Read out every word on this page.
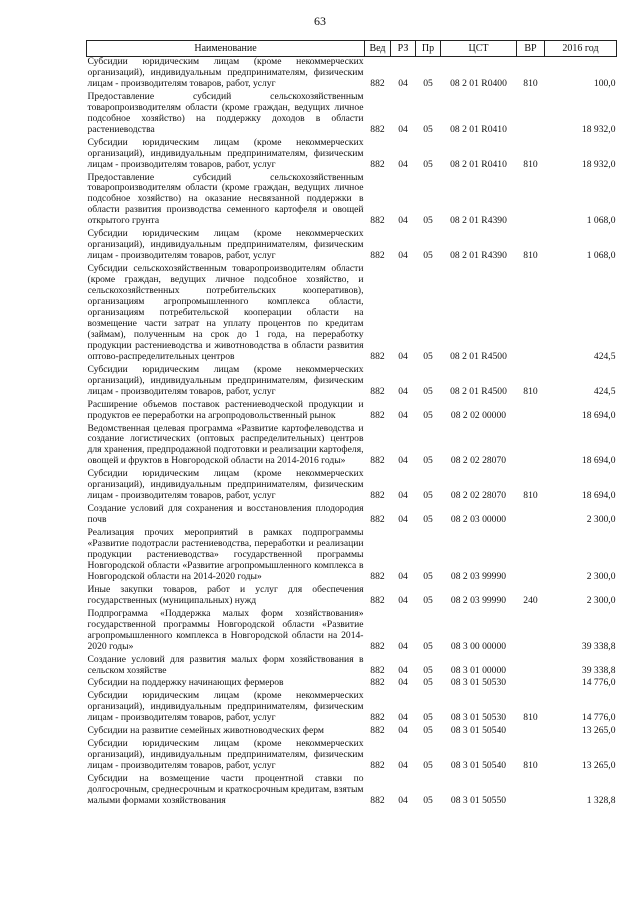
63
Наименование	Вед	РЗ	Пр	ЦСТ	ВР	2016 год
Субсидии юридическим лицам (кроме некоммерческих организаций), индивидуальным предпринимателям, физическим лицам - производителям товаров, работ, услуг	882	04	05	08 2 01 R0400	810	100,0
Предоставление субсидий сельскохозяйственным товаропроизводителям области (кроме граждан, ведущих личное подсобное хозяйство) на поддержку доходов в области растениеводства	882	04	05	08 2 01 R0410		18 932,0
Субсидии юридическим лицам (кроме некоммерческих организаций), индивидуальным предпринимателям, физическим лицам - производителям товаров, работ, услуг	882	04	05	08 2 01 R0410	810	18 932,0
Предоставление субсидий сельскохозяйственным товаропроизводителям области (кроме граждан, ведущих личное подсобное хозяйство) на оказание несвязанной поддержки в области развития производства семенного картофеля и овощей открытого грунта	882	04	05	08 2 01 R4390		1 068,0
Субсидии юридическим лицам (кроме некоммерческих организаций), индивидуальным предпринимателям, физическим лицам - производителям товаров, работ, услуг	882	04	05	08 2 01 R4390	810	1 068,0
Субсидии сельскохозяйственным товаропроизводителям области (кроме граждан, ведущих личное подсобное хозяйство, и сельскохозяйственных потребительских кооперативов), организациям агропромышленного комплекса области, организациям потребительской кооперации области на возмещение части затрат на уплату процентов по кредитам (займам), полученным на срок до 1 года, на переработку продукции растениеводства и животноводства в области развития оптово-распределительных центров	882	04	05	08 2 01 R4500		424,5
Субсидии юридическим лицам (кроме некоммерческих организаций), индивидуальным предпринимателям, физическим лицам - производителям товаров, работ, услуг	882	04	05	08 2 01 R4500	810	424,5
Расширение объемов поставок растениеводческой продукции и продуктов ее переработки на агропродовольственный рынок	882	04	05	08 2 02 00000		18 694,0
Ведомственная целевая программа «Развитие картофелеводства и создание логистических (оптовых распределительных) центров для хранения, предпродажной подготовки и реализации картофеля, овощей и фруктов в Новгородской области на 2014-2016 годы»	882	04	05	08 2 02 28070		18 694,0
Субсидии юридическим лицам (кроме некоммерческих организаций), индивидуальным предпринимателям, физическим лицам - производителям товаров, работ, услуг	882	04	05	08 2 02 28070	810	18 694,0
Создание условий для сохранения и восстановления плодородия почв	882	04	05	08 2 03 00000		2 300,0
Реализация прочих мероприятий в рамках подпрограммы «Развитие подотрасли растениеводства, переработки и реализации продукции растениеводства» государственной программы Новгородской области «Развитие агропромышленного комплекса в Новгородской области на 2014-2020 годы»	882	04	05	08 2 03 99990		2 300,0
Иные закупки товаров, работ и услуг для обеспечения государственных (муниципальных) нужд	882	04	05	08 2 03 99990	240	2 300,0
Подпрограмма «Поддержка малых форм хозяйствования» государственной программы Новгородской области «Развитие агропромышленного комплекса в Новгородской области на 2014-2020 годы»	882	04	05	08 3 00 00000		39 338,8
Создание условий для развития малых форм хозяйствования в сельском хозяйстве	882	04	05	08 3 01 00000		39 338,8
Субсидии на поддержку начинающих фермеров	882	04	05	08 3 01 50530		14 776,0
Субсидии юридическим лицам (кроме некоммерческих организаций), индивидуальным предпринимателям, физическим лицам - производителям товаров, работ, услуг	882	04	05	08 3 01 50530	810	14 776,0
Субсидии на развитие семейных животноводческих ферм	882	04	05	08 3 01 50540		13 265,0
Субсидии юридическим лицам (кроме некоммерческих организаций), индивидуальным предпринимателям, физическим лицам - производителям товаров, работ, услуг	882	04	05	08 3 01 50540	810	13 265,0
Субсидии на возмещение части процентной ставки по долгосрочным, среднесрочным и краткосрочным кредитам, взятым малыми формами хозяйствования	882	04	05	08 3 01 50550		1 328,8
